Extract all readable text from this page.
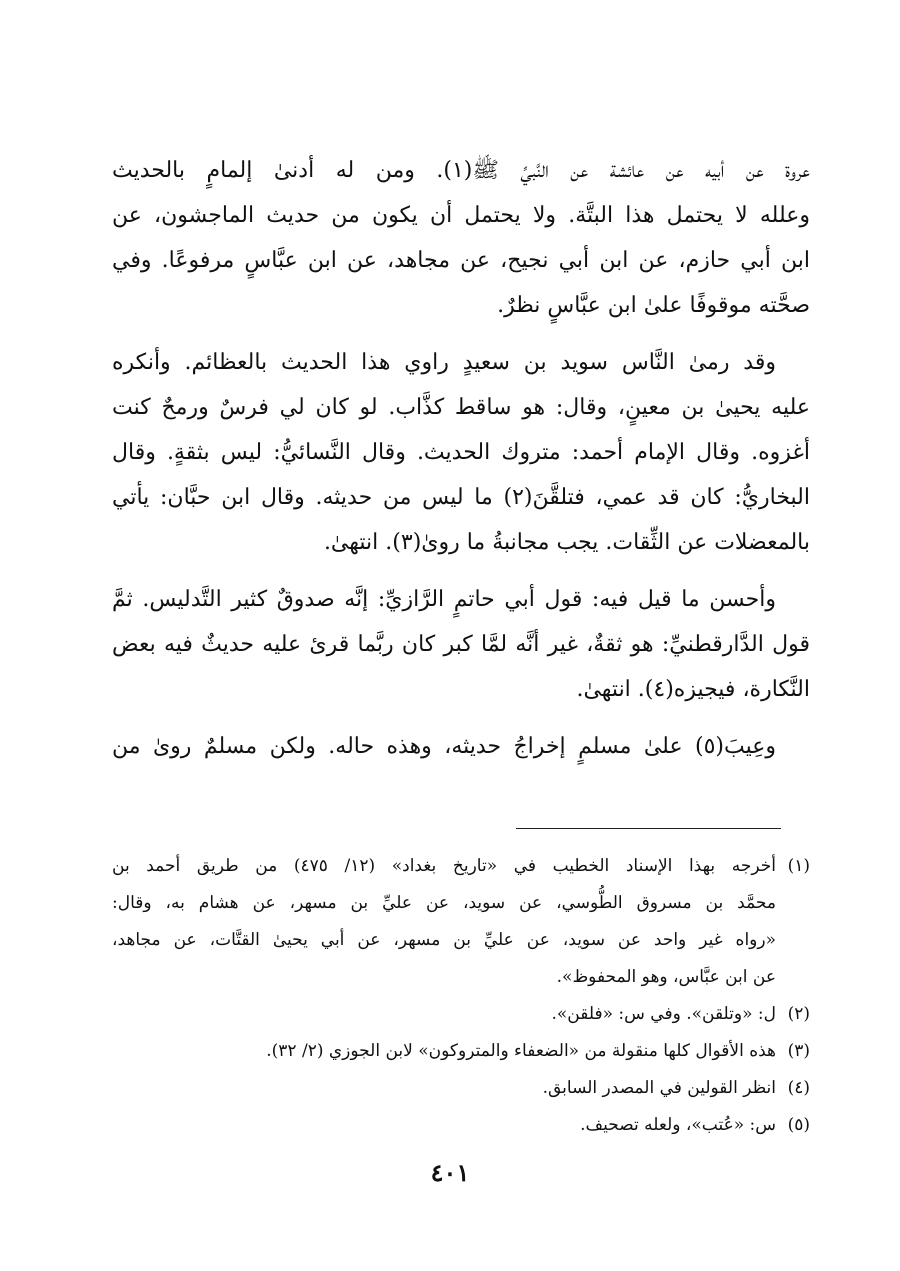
عروة عن أبيه عن عائشة عن النَّبيِّ ﷺ(١). ومن له أدنىٰ إلمامٍ بالحديث
وعلله لا يحتمل هذا البتَّة. ولا يحتمل أن يكون من حديث الماجشون، عن
ابن أبي حازم، عن ابن أبي نجيح، عن مجاهد، عن ابن عبَّاسٍ مرفوعًا. وفي
صحَّته موقوفًا علىٰ ابن عبَّاسٍ نظرٌ.

وقد رمىٰ النَّاس سويد بن سعيدٍ راوي هذا الحديث بالعظائم. وأنكره
عليه يحيىٰ بن معينٍ، وقال: هو ساقط كذَّاب. لو كان لي فرسٌ ورمحٌ كنت
أغزوه. وقال الإمام أحمد: متروك الحديث. وقال النَّسائيُّ: ليس بثقةٍ. وقال
البخاريُّ: كان قد عمي، فتلقَّنَ(٢) ما ليس من حديثه. وقال ابن حبَّان: يأتي
بالمعضلات عن الثِّقات. يجب مجانبةُ ما روىٰ(٣). انتهىٰ.

وأحسن ما قيل فيه: قول أبي حاتمٍ الرَّازيِّ: إنَّه صدوقٌ كثير التَّدليس. ثمَّ
قول الدَّارقطنيِّ: هو ثقةٌ، غير أنَّه لمَّا كبر كان ربَّما قرئ عليه حديثٌ فيه بعض
النَّكارة، فيجيزه(٤). انتهىٰ.

وعِيبَ(٥) علىٰ مسلمٍ إخراجُ حديثه، وهذه حاله. ولكن مسلمٌ روىٰ من

(١)
أخرجه بهذا الإسناد الخطيب في «تاريخ بغداد» (١٢/ ٤٧٥) من طريق أحمد بن
محمَّد بن مسروق الطُّوسي، عن سويد، عن عليِّ بن مسهر، عن هشام به، وقال:
«رواه غير واحد عن سويد، عن عليِّ بن مسهر، عن أبي يحيىٰ القتَّات، عن مجاهد،
عن ابن عبَّاس، وهو المحفوظ».
(٢)
ل: «وتلقن». وفي س: «فلقن».
(٣)
هذه الأقوال كلها منقولة من «الضعفاء والمتروكون» لابن الجوزي (٢/ ٣٢).
(٤)
انظر القولين في المصدر السابق.
(٥)
س: «عُتب»، ولعله تصحيف.
٤٠١
